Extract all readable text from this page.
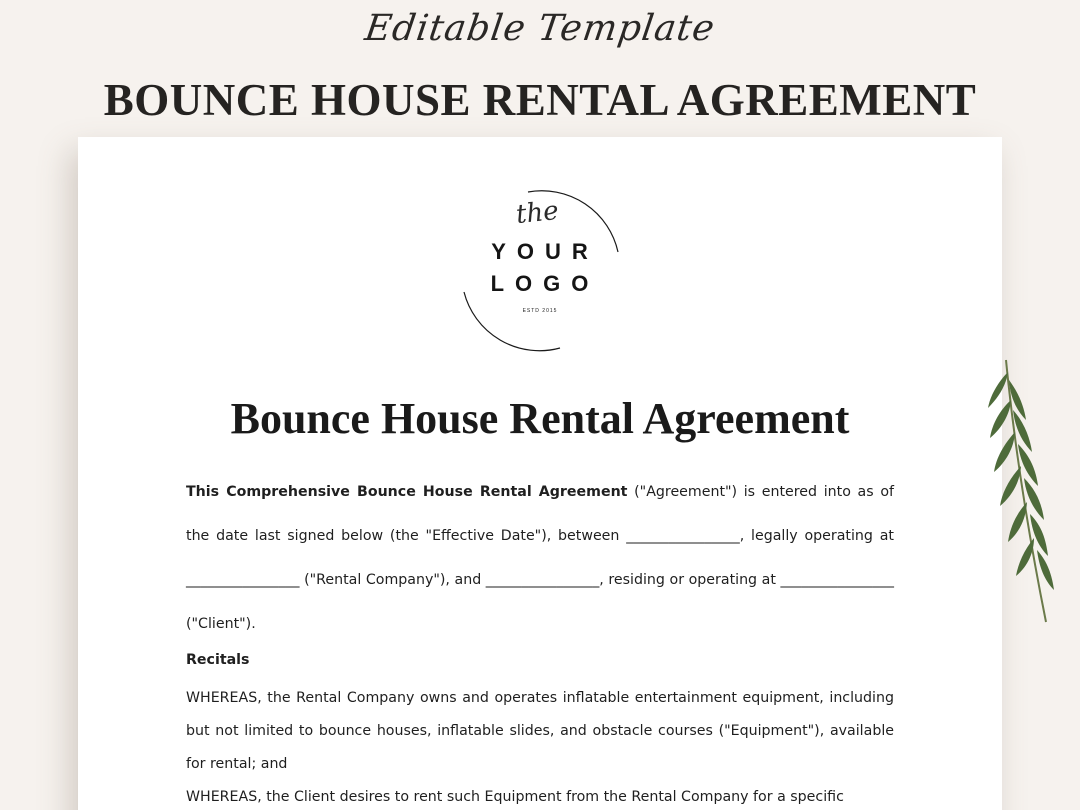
Editable Template
BOUNCE HOUSE RENTAL AGREEMENT
the
YOUR
LOGO
ESTD 2015
Bounce House Rental Agreement
This Comprehensive Bounce House Rental Agreement ("Agreement") is entered into as of the date last signed below (the "Effective Date"), between ________________, legally operating at ________________ ("Rental Company"), and ________________, residing or operating at ________________ ("Client").
Recitals

WHEREAS, the Rental Company owns and operates inflatable entertainment equipment, including but not limited to bounce houses, inflatable slides, and obstacle courses ("Equipment"), available for rental; and

WHEREAS, the Client desires to rent such Equipment from the Rental Company for a specific
